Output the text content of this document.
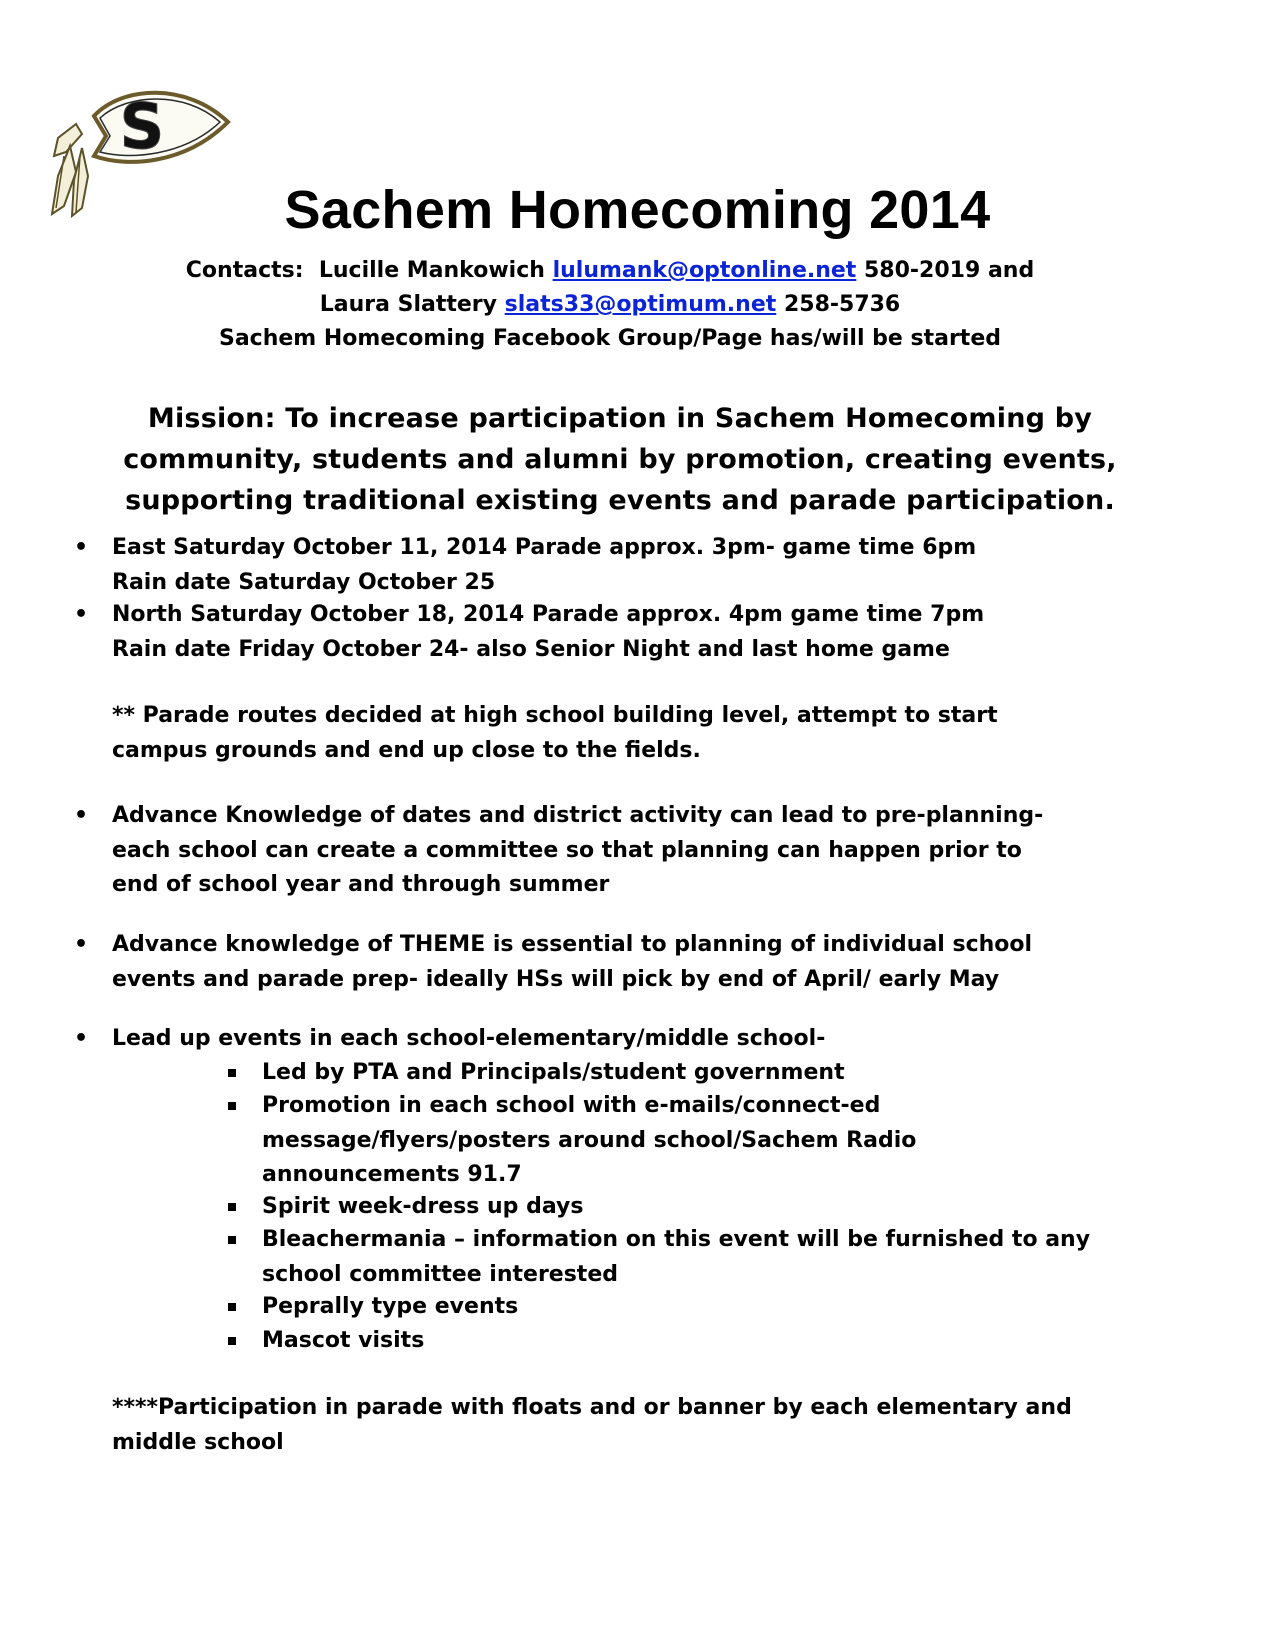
S
Sachem Homecoming 2014
Contacts: Lucille Mankowich lulumank@optonline.net 580-2019 and
Laura Slattery slats33@optimum.net 258-5736
Sachem Homecoming Facebook Group/Page has/will be started
Mission: To increase participation in Sachem Homecoming by
community, students and alumni by promotion, creating events,
supporting traditional existing events and parade participation.
• East Saturday October 11, 2014 Parade approx. 3pm- game time 6pm
Rain date Saturday October 25
• North Saturday October 18, 2014 Parade approx. 4pm game time 7pm
Rain date Friday October 24- also Senior Night and last home game
** Parade routes decided at high school building level, attempt to start
campus grounds and end up close to the fields.
• Advance Knowledge of dates and district activity can lead to pre-planning-
each school can create a committee so that planning can happen prior to
end of school year and through summer
• Advance knowledge of THEME is essential to planning of individual school
events and parade prep- ideally HSs will pick by end of April/ early May
• Lead up events in each school-elementary/middle school-
Led by PTA and Principals/student government
Promotion in each school with e-mails/connect-ed
message/flyers/posters around school/Sachem Radio
announcements 91.7
Spirit week-dress up days
Bleachermania – information on this event will be furnished to any
school committee interested
Peprally type events
Mascot visits
****Participation in parade with floats and or banner by each elementary and
middle school
